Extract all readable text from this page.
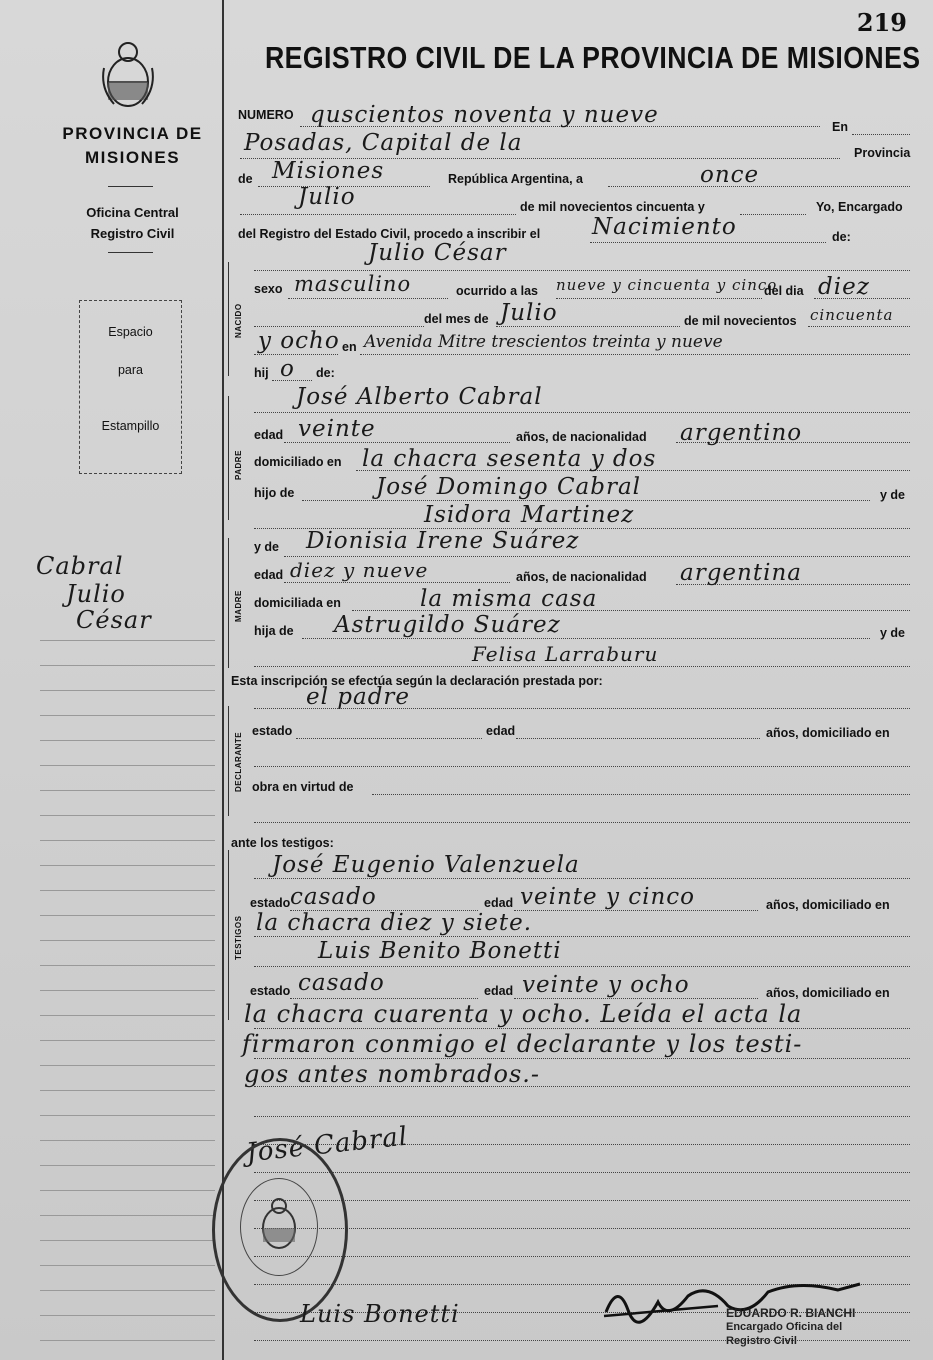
PROVINCIA DE
MISIONES
Oficina Central
Registro Civil
Espacio
para
Estampillo
Cabral
Julio
César
219
REGISTRO CIVIL DE LA PROVINCIA DE MISIONES
NACIDO
PADRE
MADRE
DECLARANTE
TESTIGOS
NUMERO quscientos noventa y nueve	En
Posadas, Capital de la	Provincia
de Misiones	República Argentina, a	once
Julio	de mil novecientos cincuenta y	Yo, Encargado
del Registro del Estado Civil, procedo a inscribir el Nacimiento	de:
Julio César
sexo masculino	ocurrido a las nueve y cincuenta y cinco
del dia diez
del mes de Julio	de mil novecientos cincuenta
y ocho en Avenida Mitre trescientos treinta y nueve
hij o de:
José Alberto Cabral
edad veinte	años, de nacionalidad argentino
domiciliado en la chacra sesenta y dos
hijo de	José Domingo Cabral	y de
Isidora Martinez
y de Dionisia Irene Suárez
edad diez y nueve	años, de nacionalidad argentina
domiciliada en	la misma casa
hija de Astrugildo Suárez	y de
Felisa Larraburu
Esta inscripción se efectúa según la declaración prestada por:
el padre
estado	edad	años, domiciliado en
obra en virtud de
ante los testigos:
José Eugenio Valenzuela
estado casado	edad veinte y cinco	años, domiciliado en
la chacra diez y siete.
Luis Benito Bonetti
estado casado	edad veinte y ocho	años, domiciliado en
la chacra cuarenta y ocho. Leída el acta la
firmaron conmigo el declarante y los testi-
gos antes nombrados.-
José Cabral
Luis Bonetti	EDUARDO R. BIANCHI
Encargado Oficina del
Registro Civil
